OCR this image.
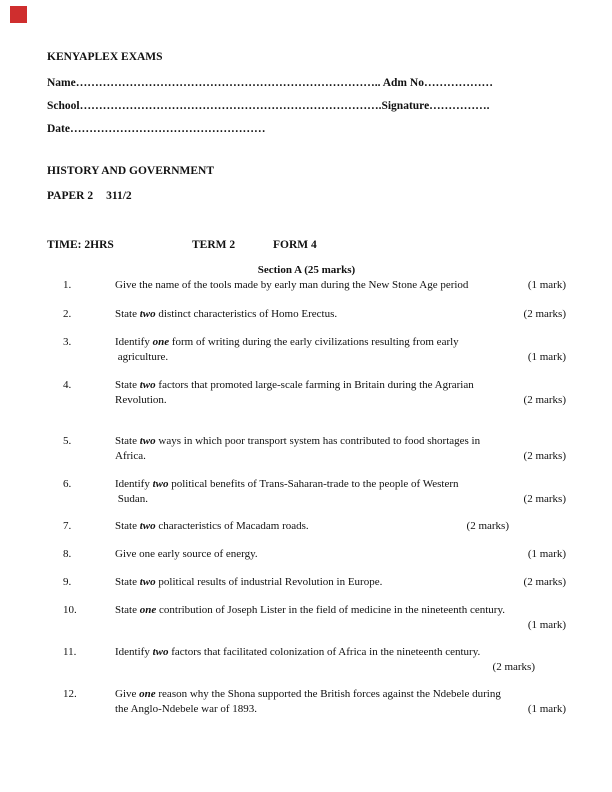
KENYAPLEX EXAMS
Name…………………………………………………………………….. Adm No………………
School…………………………………………………………………….Signature…………….
Date……………………………………………
HISTORY AND GOVERNMENT
PAPER 2 311/2
TIME: 2HRS	TERM 2	FORM 4
Section A (25 marks)
1.	Give the name of the tools made by early man during the New Stone Age period	(1 mark)
2.	State two distinct characteristics of Homo Erectus.	(2 marks)
3.	Identify one form of writing during the early civilizations resulting from early
agriculture.	(1 mark)
4.	State two factors that promoted large-scale farming in Britain during the Agrarian
Revolution.	(2 marks)
5.	State two ways in which poor transport system has contributed to food shortages in
Africa.	(2 marks)
6.	Identify two political benefits of Trans-Saharan-trade to the people of Western
Sudan.	(2 marks)
7.	State two characteristics of Macadam roads.	(2 marks)
8.	Give one early source of energy.	(1 mark)
9.	State two political results of industrial Revolution in Europe.	(2 marks)
10.	State one contribution of Joseph Lister in the field of medicine in the nineteenth century.
(1 mark)
11.	Identify two factors that facilitated colonization of Africa in the nineteenth century.
(2 marks)
12.	Give one reason why the Shona supported the British forces against the Ndebele during
the Anglo-Ndebele war of 1893.	(1 mark)
